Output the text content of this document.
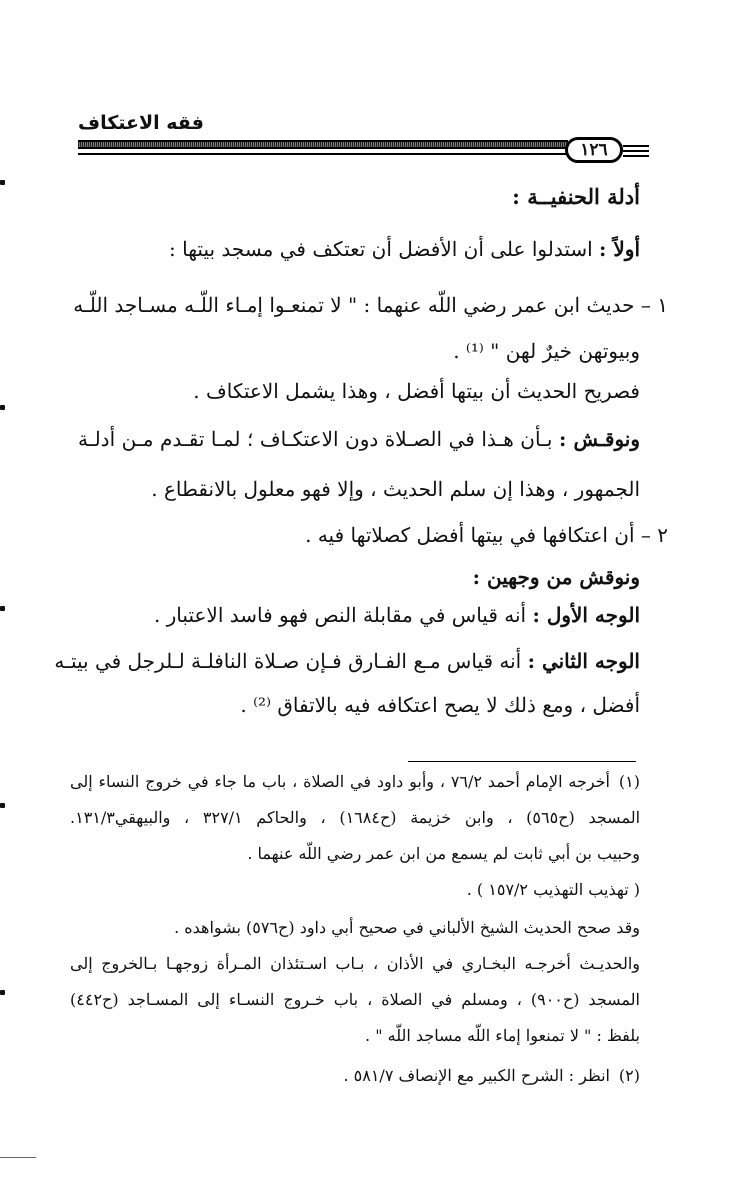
فقه الاعتكاف
١٢٦
أدلة الحنفيــة :
أولاً : استدلوا على أن الأفضل أن تعتكف في مسجد بيتها :
١ – حديث ابن عمر رضي اللّه عنهما : " لا تمنعـوا إمـاء اللّـه مسـاجد اللّـه
وبيوتهن خيرٌ لهن " ⁽¹⁾ .
فصريح الحديث أن بيتها أفضل ، وهذا يشمل الاعتكاف .
ونوقـش : بـأن هـذا في الصـلاة دون الاعتكـاف ؛ لمـا تقـدم مـن أدلـة
الجمهور ، وهذا إن سلم الحديث ، وإلا فهو معلول بالانقطاع .
٢ – أن اعتكافها في بيتها أفضل كصلاتها فيه .
ونوقش من وجهين :
الوجه الأول : أنه قياس في مقابلة النص فهو فاسد الاعتبار .
الوجه الثاني : أنه قياس مـع الفـارق فـإن صـلاة النافلـة لـلرجل في بيتـه
أفضل ، ومع ذلك لا يصح اعتكافه فيه بالاتفاق ⁽²⁾ .
(١)
أخرجه الإمام أحمد ٧٦/٢ ، وأبو داود في الصلاة ، باب ما جاء في خروج النساء إلى
المسجد (ح٥٦٥) ، وابن خزيمة (ح١٦٨٤) ، والحاكم ٣٢٧/١ ، والبيهقي١٣١/٣.
وحبيب بن أبي ثابت لم يسمع من ابن عمر رضي اللّه عنهما .
( تهذيب التهذيب ١٥٧/٢ ) .
وقد صحح الحديث الشيخ الألباني في صحيح أبي داود (ح٥٧٦) بشواهده .
والحديـث أخرجـه البخـاري في الأذان ، بـاب اسـتئذان المـرأة زوجهـا بـالخروج إلى
المسجد (ح٩٠٠) ، ومسلم في الصلاة ، باب خـروج النسـاء إلى المسـاجد (ح٤٤٢)
بلفظ : " لا تمنعوا إماء اللّه مساجد اللّه " .
(٢)
انظر : الشرح الكبير مع الإنصاف ٥٨١/٧ .
